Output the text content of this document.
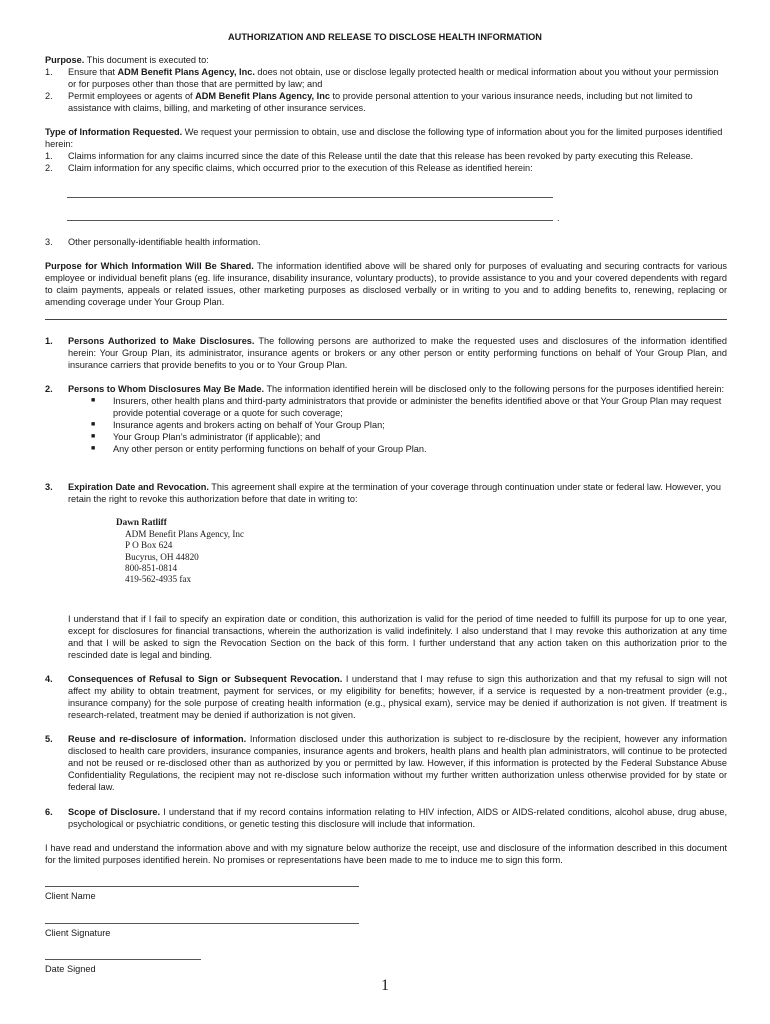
AUTHORIZATION AND RELEASE TO DISCLOSE HEALTH INFORMATION
Purpose. This document is executed to:
1. Ensure that ADM Benefit Plans Agency, Inc. does not obtain, use or disclose legally protected health or medical information about you without your permission or for purposes other than those that are permitted by law; and
2. Permit employees or agents of ADM Benefit Plans Agency, Inc to provide personal attention to your various insurance needs, including but not limited to assistance with claims, billing, and marketing of other insurance services.
Type of Information Requested. We request your permission to obtain, use and disclose the following type of information about you for the limited purposes identified herein:
1. Claims information for any claims incurred since the date of this Release until the date that this release has been revoked by party executing this Release.
2. Claim information for any specific claims, which occurred prior to the execution of this Release as identified herein:
.
3. Other personally-identifiable health information.
Purpose for Which Information Will Be Shared. The information identified above will be shared only for purposes of evaluating and securing contracts for various employee or individual benefit plans (eg. life insurance, disability insurance, voluntary products), to provide assistance to you and your covered dependents with regard to claim payments, appeals or related issues, other marketing purposes as disclosed verbally or in writing to you and to adding benefits to, renewing, replacing or amending coverage under Your Group Plan.
1. Persons Authorized to Make Disclosures. The following persons are authorized to make the requested uses and disclosures of the information identified herein: Your Group Plan, its administrator, insurance agents or brokers or any other person or entity performing functions on behalf of Your Group Plan, and insurance carriers that provide benefits to you or to Your Group Plan.
2. Persons to Whom Disclosures May Be Made. The information identified herein will be disclosed only to the following persons for the purposes identified herein:
■ Insurers, other health plans and third-party administrators that provide or administer the benefits identified above or that Your Group Plan may request provide potential coverage or a quote for such coverage;
■ Insurance agents and brokers acting on behalf of Your Group Plan;
■ Your Group Plan’s administrator (if applicable); and
■ Any other person or entity performing functions on behalf of your Group Plan.
3. Expiration Date and Revocation. This agreement shall expire at the termination of your coverage through continuation under state or federal law. However, you retain the right to revoke this authorization before that date in writing to:
Dawn Ratliff
ADM Benefit Plans Agency, Inc
P O Box 624
Bucyrus, OH 44820
800-851-0814
419-562-4935 fax
I understand that if I fail to specify an expiration date or condition, this authorization is valid for the period of time needed to fulfill its purpose for up to one year, except for disclosures for financial transactions, wherein the authorization is valid indefinitely. I also understand that I may revoke this authorization at any time and that I will be asked to sign the Revocation Section on the back of this form. I further understand that any action taken on this authorization prior to the rescinded date is legal and binding.
4. Consequences of Refusal to Sign or Subsequent Revocation. I understand that I may refuse to sign this authorization and that my refusal to sign will not affect my ability to obtain treatment, payment for services, or my eligibility for benefits; however, if a service is requested by a non-treatment provider (e.g., insurance company) for the sole purpose of creating health information (e.g., physical exam), service may be denied if authorization is not given. If treatment is research-related, treatment may be denied if authorization is not given.
5. Reuse and re-disclosure of information. Information disclosed under this authorization is subject to re-disclosure by the recipient, however any information disclosed to health care providers, insurance companies, insurance agents and brokers, health plans and health plan administrators, will continue to be protected and not be reused or re-disclosed other than as authorized by you or permitted by law. However, if this information is protected by the Federal Substance Abuse Confidentiality Regulations, the recipient may not re-disclose such information without my further written authorization unless otherwise provided for by state or federal law.
6. Scope of Disclosure. I understand that if my record contains information relating to HIV infection, AIDS or AIDS-related conditions, alcohol abuse, drug abuse, psychological or psychiatric conditions, or genetic testing this disclosure will include that information.
I have read and understand the information above and with my signature below authorize the receipt, use and disclosure of the information described in this document for the limited purposes identified herein. No promises or representations have been made to me to induce me to sign this form.
Client Name
Client Signature
Date Signed
1
